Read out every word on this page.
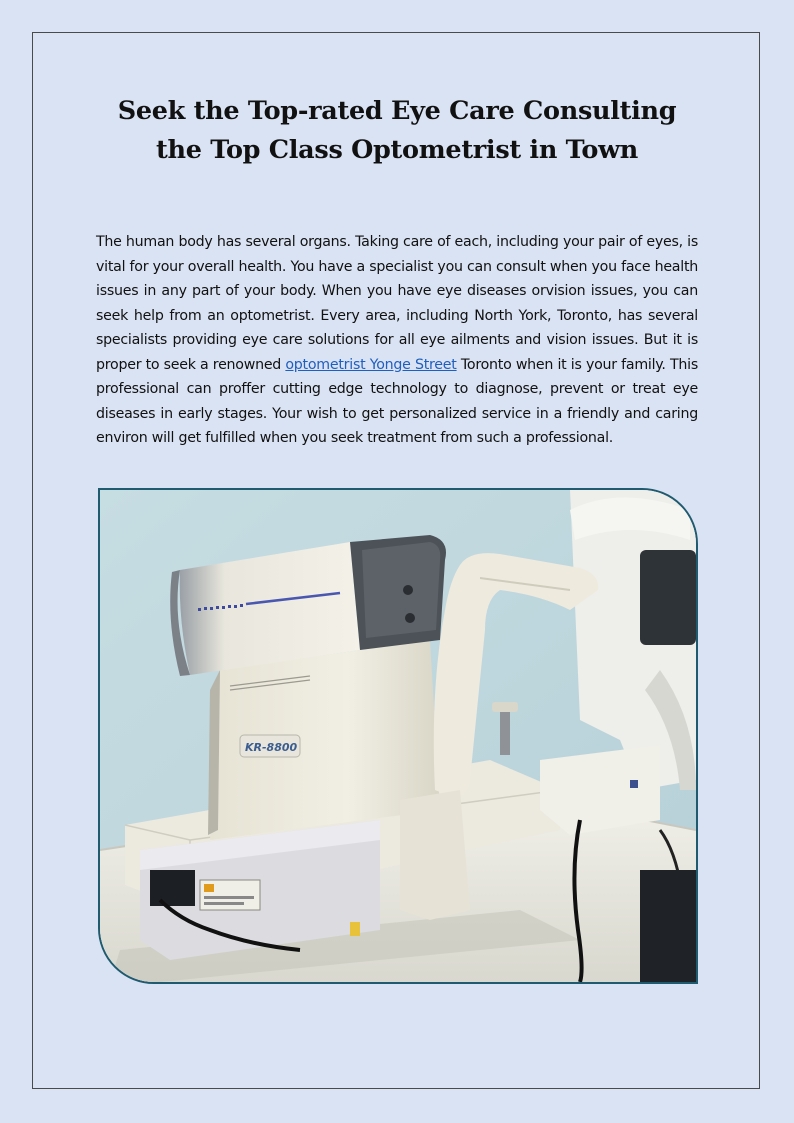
Seek the Top-rated Eye Care Consulting the Top Class Optometrist in Town

The human body has several organs. Taking care of each, including your pair of eyes, is vital for your overall health. You have a specialist you can consult when you face health issues in any part of your body. When you have eye diseases orvision issues, you can seek help from an optometrist. Every area, including North York, Toronto, has several specialists providing eye care solutions for all eye ailments and vision issues. But it is proper to seek a renowned optometrist Yonge Street Toronto when it is your family. This professional can proffer cutting edge technology to diagnose, prevent or treat eye diseases in early stages. Your wish to get personalized service in a friendly and caring environ will get fulfilled when you seek treatment from such a professional.

KR-8800
